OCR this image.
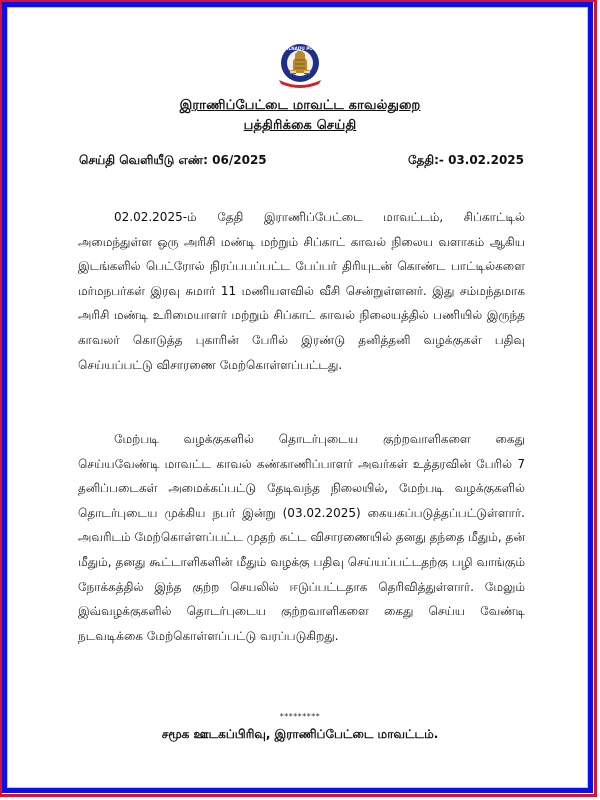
TAMILNADU POLICE
இராணிப்பேட்டை மாவட்ட காவல்துறை
பத்திரிக்கை செய்தி
செய்தி வெளியீடு எண்: 06/2025	தேதி:- 03.02.2025
02.02.2025-ம் தேதி இராணிப்பேட்டை மாவட்டம், சிப்காட்டில் அமைந்துள்ள ஒரு அரிசி மண்டி மற்றும் சிப்காட் காவல் நிலைய வளாகம் ஆகிய இடங்களில் பெட்ரோல் நிரப்பபப்பட்ட பேப்பர் திரியுடன் கொண்ட பாட்டில்களை மர்மநபர்கள் இரவு சுமார் 11 மணியளவில் வீசி சென்றுள்ளனர். இது சம்மந்தமாக அரிசி மண்டி உரிமையாளர் மற்றும் சிப்காட் காவல் நிலையத்தில் பணியில் இருந்த காவலர் கொடுத்த புகாரின் பேரில் இரண்டு தனித்தனி வழக்குகள் பதிவு செய்யப்பட்டு விசாரணை மேற்கொள்ளப்பட்டது.
மேற்படி வழக்குகளில் தொடர்புடைய குற்றவாளிகளை கைது செய்யவேண்டி மாவட்ட காவல் கண்காணிப்பாளர் அவர்கள் உத்தரவின் பேரில் 7 தனிப்படைகள் அமைக்கப்பட்டு தேடிவந்த நிலையில், மேற்படி வழக்குகளில் தொடர்புடைய முக்கிய நபர் இன்று (03.02.2025) கையகப்படுத்தப்பட்டுள்ளார். அவரிடம் மேற்கொள்ளப்பட்ட முதற் கட்ட விசாரணையில் தனது தந்தை மீதும், தன் மீதும், தனது கூட்டாளிகளின் மீதும் வழக்கு பதிவு செய்யப்பட்டதற்கு பழி வாங்கும் நோக்கத்தில் இந்த குற்ற செயலில் ஈடுப்பட்டதாக தெரிவித்துள்ளார். மேலும் இவ்வழக்குகளில் தொடர்புடைய குற்றவாளிகளை கைது செய்ய வேண்டி நடவடிக்கை மேற்கொள்ளப்பட்டு வரப்படுகிறது.
*********
சமூக ஊடகப்பிரிவு, இராணிப்பேட்டை மாவட்டம்.
